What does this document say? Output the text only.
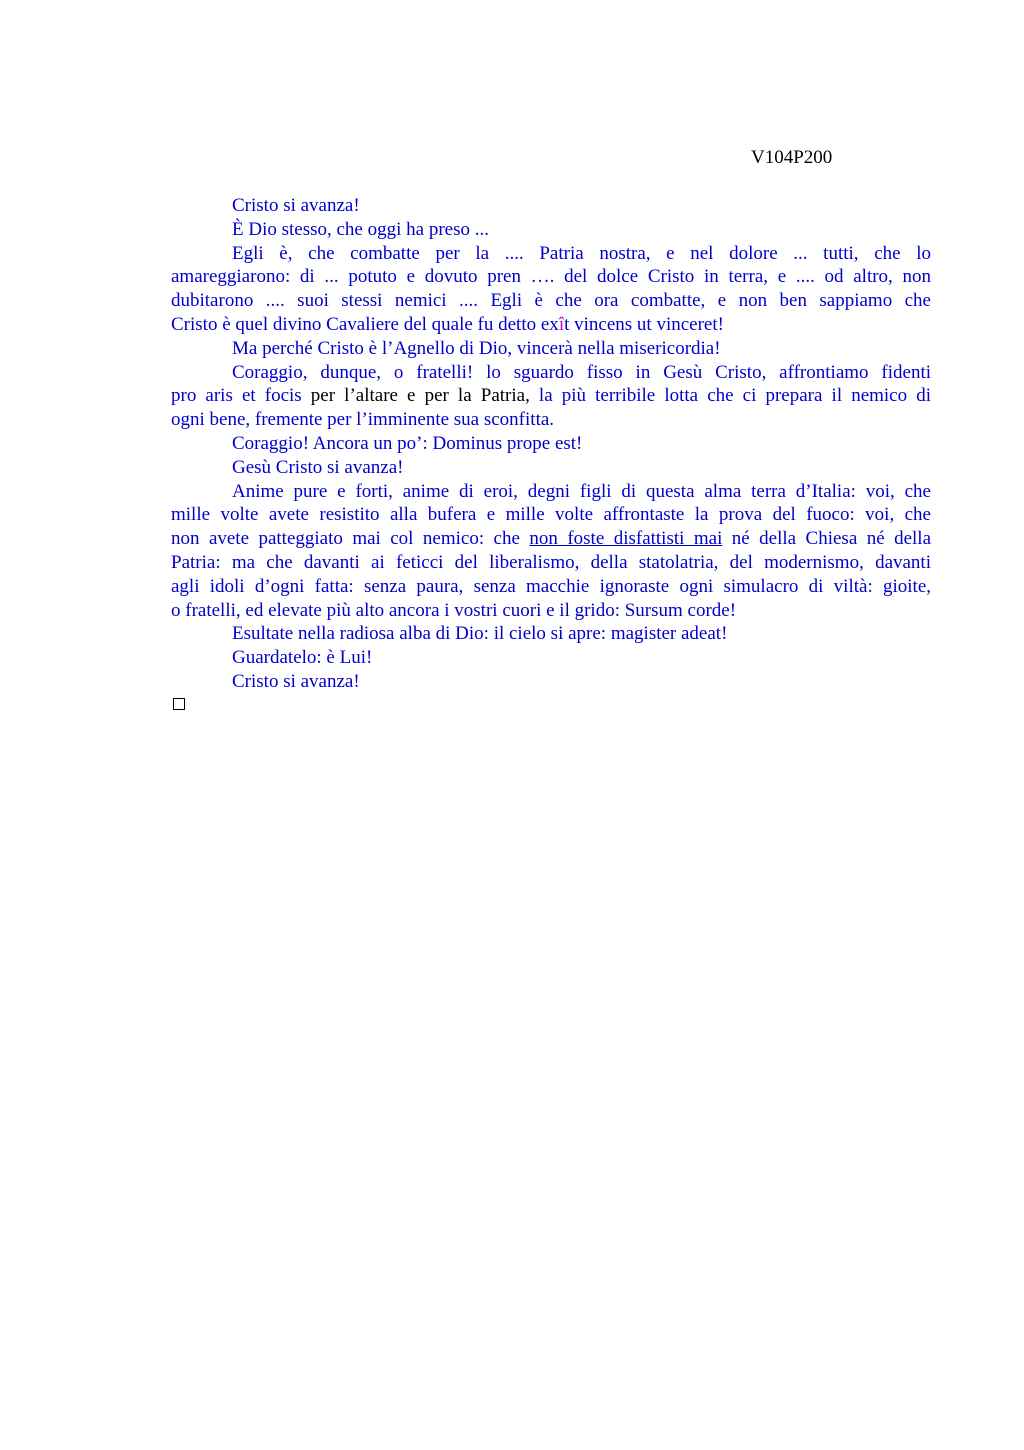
V104P200

Cristo si avanza!

È Dio stesso, che oggi ha preso ...

Egli è, che combatte per la .... Patria nostra, e nel dolore ... tutti, che lo
amareggiarono: di ... potuto e dovuto pren …. del dolce Cristo in terra, e .... od altro, non
dubitarono .... suoi stessi nemici .... Egli è che ora combatte, e non ben sappiamo che
Cristo è quel divino Cavaliere del quale fu detto exît vincens ut vinceret!

Ma perché Cristo è l’Agnello di Dio, vincerà nella misericordia!

Coraggio, dunque, o fratelli! lo sguardo fisso in Gesù Cristo, affrontiamo fidenti
pro aris et focis per l’altare e per la Patria, la più terribile lotta che ci prepara il nemico di
ogni bene, fremente per l’imminente sua sconfitta.

Coraggio! Ancora un po’: Dominus prope est!

Gesù Cristo si avanza!

Anime pure e forti, anime di eroi, degni figli di questa alma terra d’Italia: voi, che
mille volte avete resistito alla bufera e mille volte affrontaste la prova del fuoco: voi, che
non avete patteggiato mai col nemico: che non foste disfattisti mai né della Chiesa né della
Patria: ma che davanti ai feticci del liberalismo, della statolatria, del modernismo, davanti
agli idoli d’ogni fatta: senza paura, senza macchie ignoraste ogni simulacro di viltà: gioite,
o fratelli, ed elevate più alto ancora i vostri cuori e il grido: Sursum corde!

Esultate nella radiosa alba di Dio: il cielo si apre: magister adeat!

Guardatelo: è Lui!

Cristo si avanza!
